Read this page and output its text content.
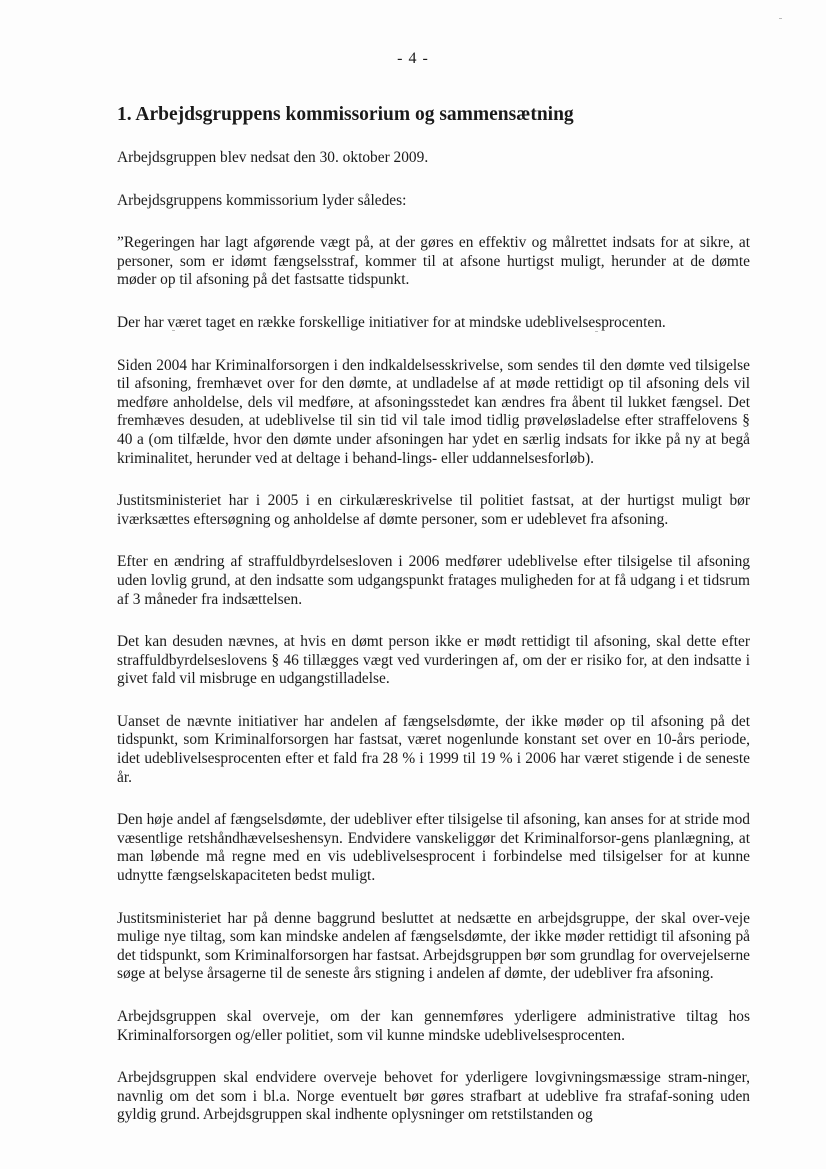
- 4 -
1. Arbejdsgruppens kommissorium og sammensætning

Arbejdsgruppen blev nedsat den 30. oktober 2009.

Arbejdsgruppens kommissorium lyder således:

”Regeringen har lagt afgørende vægt på, at der gøres en effektiv og målrettet indsats for at sikre, at personer, som er idømt fængselsstraf, kommer til at afsone hurtigst muligt, herunder at de dømte møder op til afsoning på det fastsatte tidspunkt.

Der har været taget en række forskellige initiativer for at mindske udeblivelsesprocenten.

Siden 2004 har Kriminalforsorgen i den indkaldelsesskrivelse, som sendes til den dømte ved tilsigelse til afsoning, fremhævet over for den dømte, at undladelse af at møde rettidigt op til afsoning dels vil medføre anholdelse, dels vil medføre, at afsoningsstedet kan ændres fra åbent til lukket fængsel. Det fremhæves desuden, at udeblivelse til sin tid vil tale imod tidlig prøveløsladelse efter straffelovens § 40 a (om tilfælde, hvor den dømte under afsoningen har ydet en særlig indsats for ikke på ny at begå kriminalitet, herunder ved at deltage i behand-lings- eller uddannelsesforløb).

Justitsministeriet har i 2005 i en cirkulæreskrivelse til politiet fastsat, at der hurtigst muligt bør iværksættes eftersøgning og anholdelse af dømte personer, som er udeblevet fra afsoning.

Efter en ændring af straffuldbyrdelsesloven i 2006 medfører udeblivelse efter tilsigelse til afsoning uden lovlig grund, at den indsatte som udgangspunkt fratages muligheden for at få udgang i et tidsrum af 3 måneder fra indsættelsen.

Det kan desuden nævnes, at hvis en dømt person ikke er mødt rettidigt til afsoning, skal dette efter straffuldbyrdelseslovens § 46 tillægges vægt ved vurderingen af, om der er risiko for, at den indsatte i givet fald vil misbruge en udgangstilladelse.

Uanset de nævnte initiativer har andelen af fængselsdømte, der ikke møder op til afsoning på det tidspunkt, som Kriminalforsorgen har fastsat, været nogenlunde konstant set over en 10-års periode, idet udeblivelsesprocenten efter et fald fra 28 % i 1999 til 19 % i 2006 har været stigende i de seneste år.

Den høje andel af fængselsdømte, der udebliver efter tilsigelse til afsoning, kan anses for at stride mod væsentlige retshåndhævelseshensyn. Endvidere vanskeliggør det Kriminalforsor-gens planlægning, at man løbende må regne med en vis udeblivelsesprocent i forbindelse med tilsigelser for at kunne udnytte fængselskapaciteten bedst muligt.

Justitsministeriet har på denne baggrund besluttet at nedsætte en arbejdsgruppe, der skal over-veje mulige nye tiltag, som kan mindske andelen af fængselsdømte, der ikke møder rettidigt til afsoning på det tidspunkt, som Kriminalforsorgen har fastsat. Arbejdsgruppen bør som grundlag for overvejelserne søge at belyse årsagerne til de seneste års stigning i andelen af dømte, der udebliver fra afsoning.

Arbejdsgruppen skal overveje, om der kan gennemføres yderligere administrative tiltag hos Kriminalforsorgen og/eller politiet, som vil kunne mindske udeblivelsesprocenten.

Arbejdsgruppen skal endvidere overveje behovet for yderligere lovgivningsmæssige stram-ninger, navnlig om det som i bl.a. Norge eventuelt bør gøres strafbart at udeblive fra strafaf-soning uden gyldig grund. Arbejdsgruppen skal indhente oplysninger om retstilstanden og
